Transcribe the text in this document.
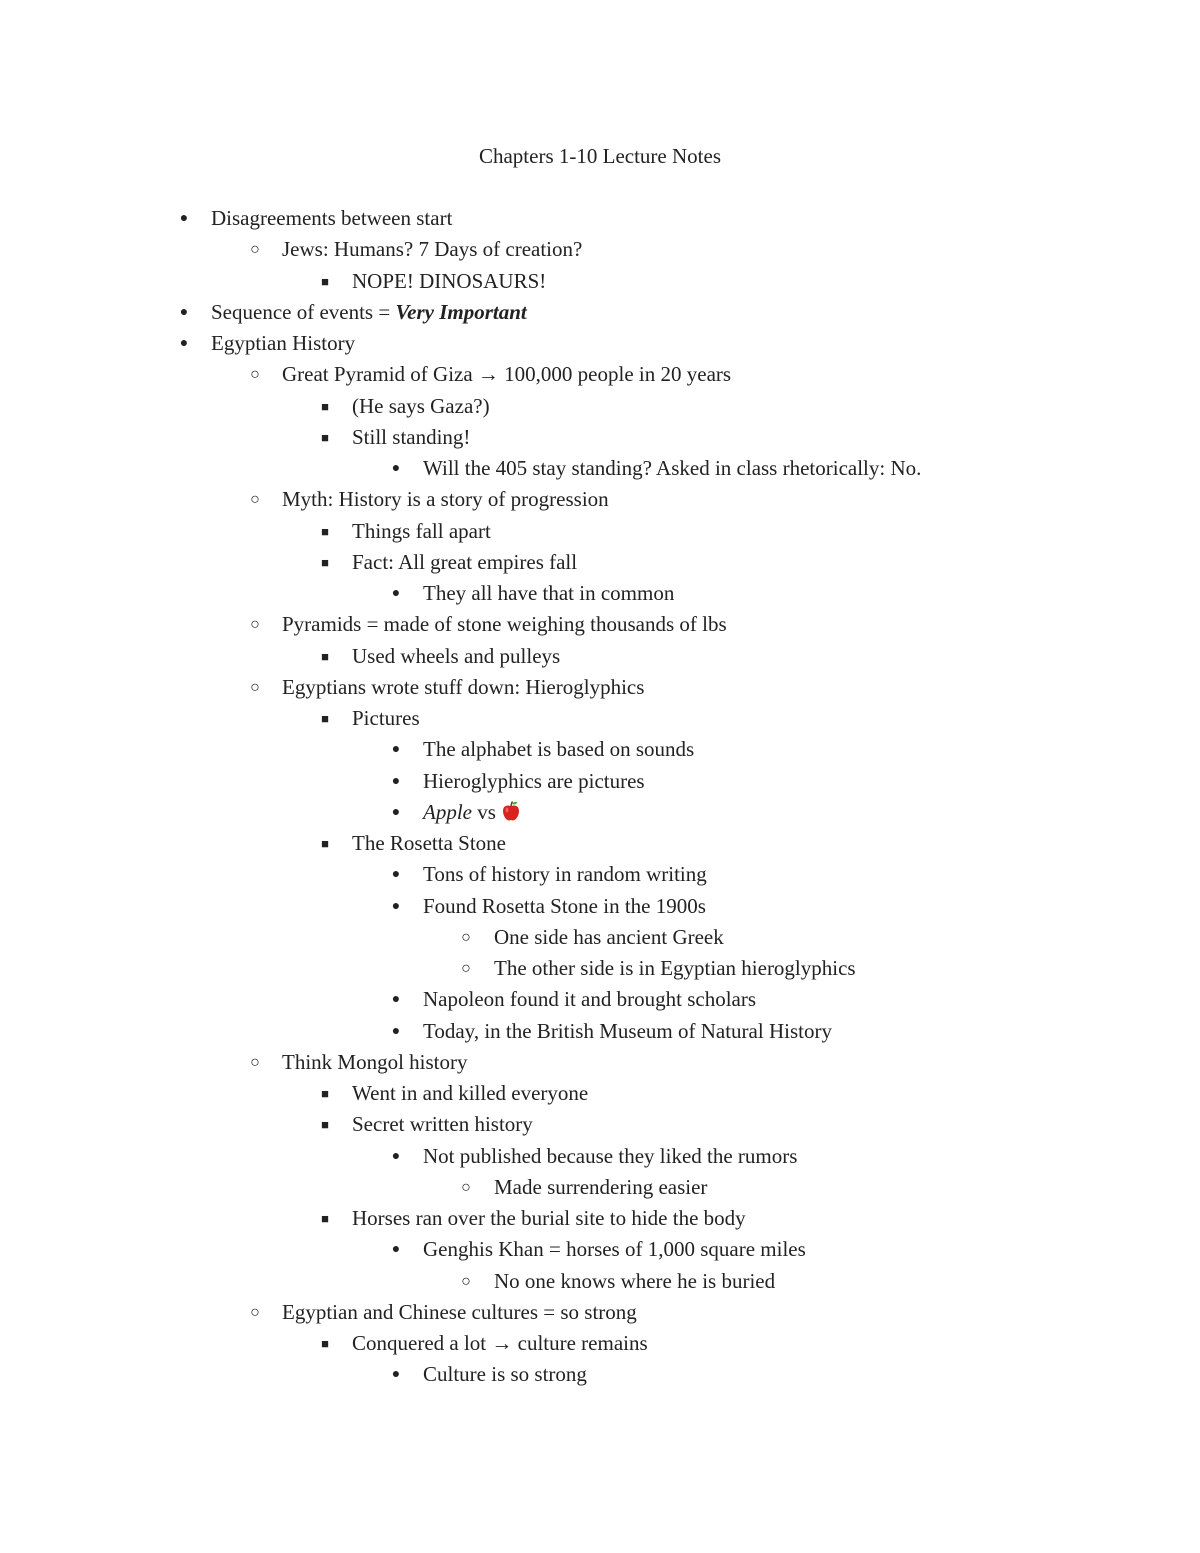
Chapters 1-10 Lecture Notes
● Disagreements between start
○ Jews: Humans? 7 Days of creation?
■ NOPE! DINOSAURS!
● Sequence of events = Very Important
● Egyptian History
○ Great Pyramid of Giza → 100,000 people in 20 years
■ (He says Gaza?)
■ Still standing!
● Will the 405 stay standing? Asked in class rhetorically: No.
○ Myth: History is a story of progression
■ Things fall apart
■ Fact: All great empires fall
● They all have that in common
○ Pyramids = made of stone weighing thousands of lbs
■ Used wheels and pulleys
○ Egyptians wrote stuff down: Hieroglyphics
■ Pictures
● The alphabet is based on sounds
● Hieroglyphics are pictures
● Apple vs
■ The Rosetta Stone
● Tons of history in random writing
● Found Rosetta Stone in the 1900s
○ One side has ancient Greek
○ The other side is in Egyptian hieroglyphics
● Napoleon found it and brought scholars
● Today, in the British Museum of Natural History
○ Think Mongol history
■ Went in and killed everyone
■ Secret written history
● Not published because they liked the rumors
○ Made surrendering easier
■ Horses ran over the burial site to hide the body
● Genghis Khan = horses of 1,000 square miles
○ No one knows where he is buried
○ Egyptian and Chinese cultures = so strong
■ Conquered a lot → culture remains
● Culture is so strong
